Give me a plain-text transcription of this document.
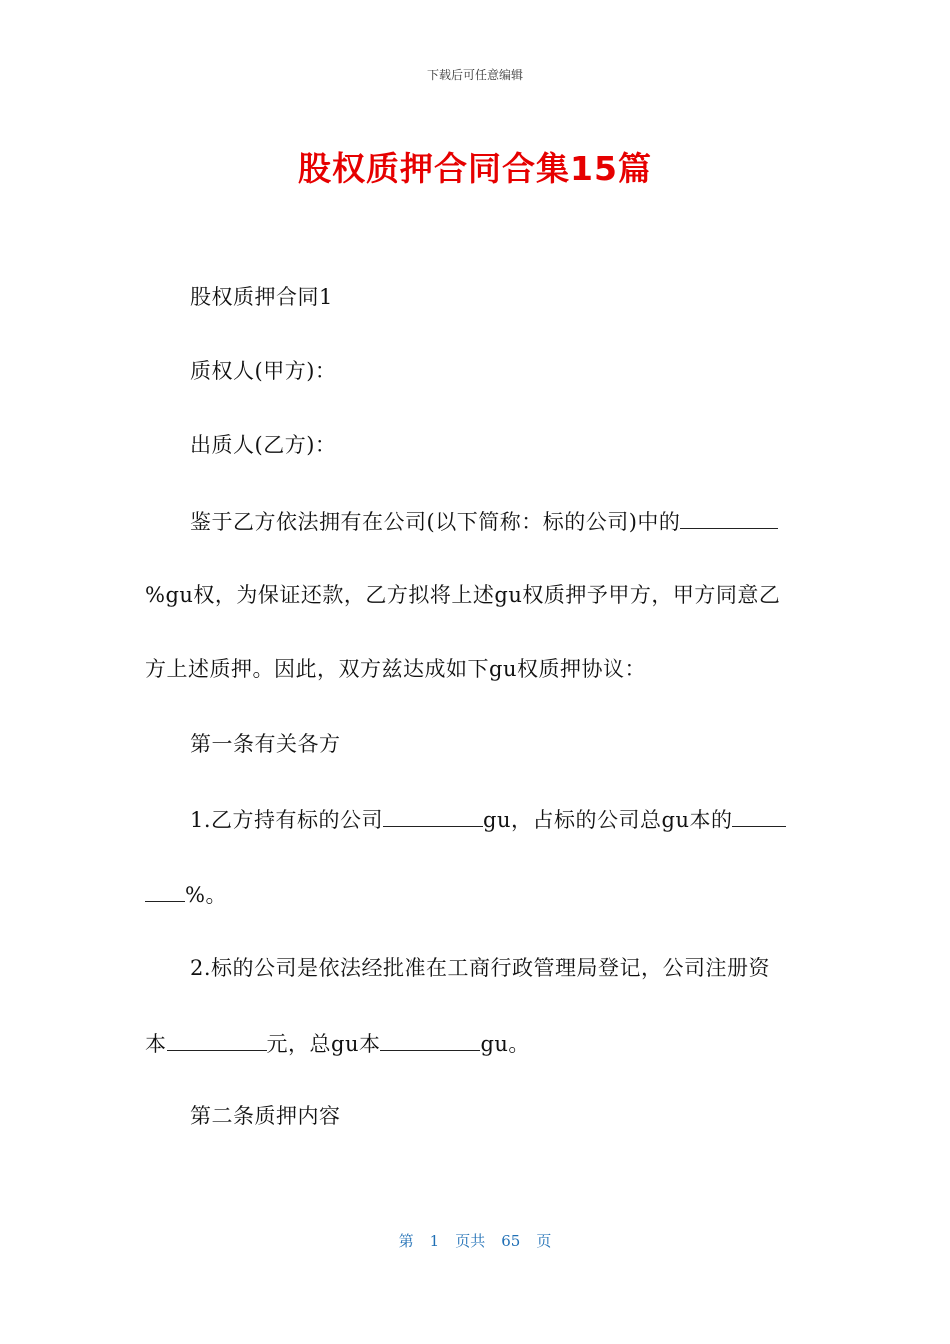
下载后可任意编辑
股权质押合同合集15篇
股权质押合同1
质权人(甲方)：
出质人(乙方)：
鉴于乙方依法拥有在公司(以下简称：标的公司)中的
%gu权，为保证还款，乙方拟将上述gu权质押予甲方，甲方同意乙
方上述质押。因此，双方兹达成如下gu权质押协议：
第一条有关各方
1.乙方持有标的公司	gu，占标的公司总gu本的
%。
2.标的公司是依法经批准在工商行政管理局登记，公司注册资
本	元，总gu本	gu。
第二条质押内容
第 1 页共 65 页
